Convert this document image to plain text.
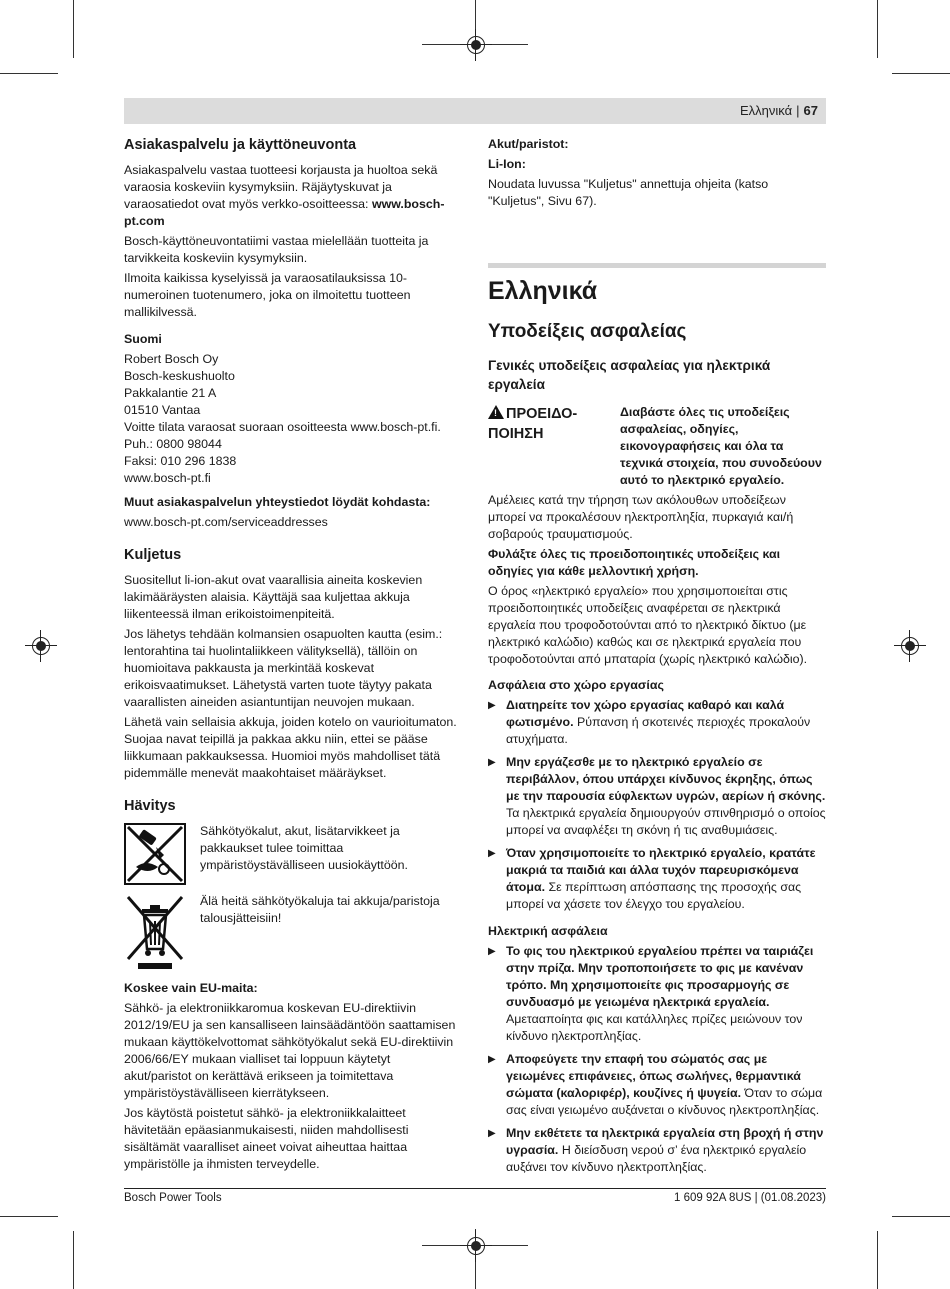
Ελληνικά | 67
Asiakaspalvelu ja käyttöneuvonta

Asiakaspalvelu vastaa tuotteesi korjausta ja huoltoa sekä varaosia koskeviin kysymyksiin. Räjäytyskuvat ja varaosatiedot ovat myös verkko-osoitteessa: www.bosch-pt.com

Bosch-käyttöneuvontatiimi vastaa mielellään tuotteita ja tarvikkeita koskeviin kysymyksiin.

Ilmoita kaikissa kyselyissä ja varaosatilauksissa 10-numeroinen tuotenumero, joka on ilmoitettu tuotteen mallikilvessä.

Suomi

Robert Bosch Oy
Bosch-keskushuolto
Pakkalantie 21 A
01510 Vantaa
Voitte tilata varaosat suoraan osoitteesta www.bosch-pt.fi.
Puh.: 0800 98044
Faksi: 010 296 1838
www.bosch-pt.fi

Muut asiakaspalvelun yhteystiedot löydät kohdasta:

www.bosch-pt.com/serviceaddresses

Kuljetus

Suositellut li-ion-akut ovat vaarallisia aineita koskevien lakimääräysten alaisia. Käyttäjä saa kuljettaa akkuja liikenteessä ilman erikoistoimenpiteitä.

Jos lähetys tehdään kolmansien osapuolten kautta (esim.: lentorahtina tai huolintaliikkeen välityksellä), tällöin on huomioitava pakkausta ja merkintää koskevat erikoisvaatimukset. Lähetystä varten tuote täytyy pakata vaarallisten aineiden asiantuntijan neuvojen mukaan.

Lähetä vain sellaisia akkuja, joiden kotelo on vaurioitumaton. Suojaa navat teipillä ja pakkaa akku niin, ettei se pääse liikkumaan pakkauksessa. Huomioi myös mahdolliset tätä pidemmälle menevät maakohtaiset määräykset.

Hävitys
Sähkötyökalut, akut, lisätarvikkeet ja pakkaukset tulee toimittaa ympäristöystävälliseen uusiokäyttöön.
Älä heitä sähkötyökaluja tai akkuja/paristoja talousjätteisiin!

Koskee vain EU-maita:

Sähkö- ja elektroniikkaromua koskevan EU-direktiivin 2012/19/EU ja sen kansalliseen lainsäädäntöön saattamisen mukaan käyttökelvottomat sähkötyökalut sekä EU-direktiivin 2006/66/EY mukaan vialliset tai loppuun käytetyt akut/paristot on kerättävä erikseen ja toimitettava ympäristöystävälliseen kierrätykseen.

Jos käytöstä poistetut sähkö- ja elektroniikkalaitteet hävitetään epäasianmukaisesti, niiden mahdollisesti sisältämät vaaralliset aineet voivat aiheuttaa haittaa ympäristölle ja ihmisten terveydelle.

Akut/paristot:

Li-Ion:

Noudata luvussa "Kuljetus" annettuja ohjeita (katso "Kuljetus", Sivu 67).

Ελληνικά
Υποδείξεις ασφαλείας
Γενικές υποδείξεις ασφαλείας για ηλεκτρικά εργαλεία
! ΠΡΟΕΙΔΟ-ΠΟΙΗΣΗ

Διαβάστε όλες τις υποδείξεις ασφαλείας, οδηγίες, εικονογραφήσεις και όλα τα τεχνικά στοιχεία, που συνοδεύουν αυτό το ηλεκτρικό εργαλείο.

Αμέλειες κατά την τήρηση των ακόλουθων υποδείξεων μπορεί να προκαλέσουν ηλεκτροπληξία, πυρκαγιά και/ή σοβαρούς τραυματισμούς.

Φυλάξτε όλες τις προειδοποιητικές υποδείξεις και οδηγίες για κάθε μελλοντική χρήση.

Ο όρος «ηλεκτρικό εργαλείο» που χρησιμοποιείται στις προειδοποιητικές υποδείξεις αναφέρεται σε ηλεκτρικά εργαλεία που τροφοδοτούνται από το ηλεκτρικό δίκτυο (με ηλεκτρικό καλώδιο) καθώς και σε ηλεκτρικά εργαλεία που τροφοδοτούνται από μπαταρία (χωρίς ηλεκτρικό καλώδιο).

Ασφάλεια στο χώρο εργασίας

▶ Διατηρείτε τον χώρο εργασίας καθαρό και καλά φωτισμένο. Ρύπανση ή σκοτεινές περιοχές προκαλούν ατυχήματα.
▶ Μην εργάζεσθε με το ηλεκτρικό εργαλείο σε περιβάλλον, όπου υπάρχει κίνδυνος έκρηξης, όπως με την παρουσία εύφλεκτων υγρών, αερίων ή σκόνης. Τα ηλεκτρικά εργαλεία δημιουργούν σπινθηρισμό ο οποίος μπορεί να αναφλέξει τη σκόνη ή τις αναθυμιάσεις.
▶ Όταν χρησιμοποιείτε το ηλεκτρικό εργαλείο, κρατάτε μακριά τα παιδιά και άλλα τυχόν παρευρισκόμενα άτομα. Σε περίπτωση απόσπασης της προσοχής σας μπορεί να χάσετε τον έλεγχο του εργαλείου.

Ηλεκτρική ασφάλεια

▶ Το φις του ηλεκτρικού εργαλείου πρέπει να ταιριάζει στην πρίζα. Μην τροποποιήσετε το φις με κανέναν τρόπο. Μη χρησιμοποιείτε φις προσαρμογής σε συνδυασμό με γειωμένα ηλεκτρικά εργαλεία. Αμετααποίητα φις και κατάλληλες πρίζες μειώνουν τον κίνδυνο ηλεκτροπληξίας.
▶ Αποφεύγετε την επαφή του σώματός σας με γειωμένες επιφάνειες, όπως σωλήνες, θερμαντικά σώματα (καλοριφέρ), κουζίνες ή ψυγεία. Όταν το σώμα σας είναι γειωμένο αυξάνεται ο κίνδυνος ηλεκτροπληξίας.
▶ Μην εκθέτετε τα ηλεκτρικά εργαλεία στη βροχή ή στην υγρασία. Η διείσδυση νερού σ’ ένα ηλεκτρικό εργαλείο αυξάνει τον κίνδυνο ηλεκτροπληξίας.
Bosch Power Tools	1 609 92A 8US | (01.08.2023)
